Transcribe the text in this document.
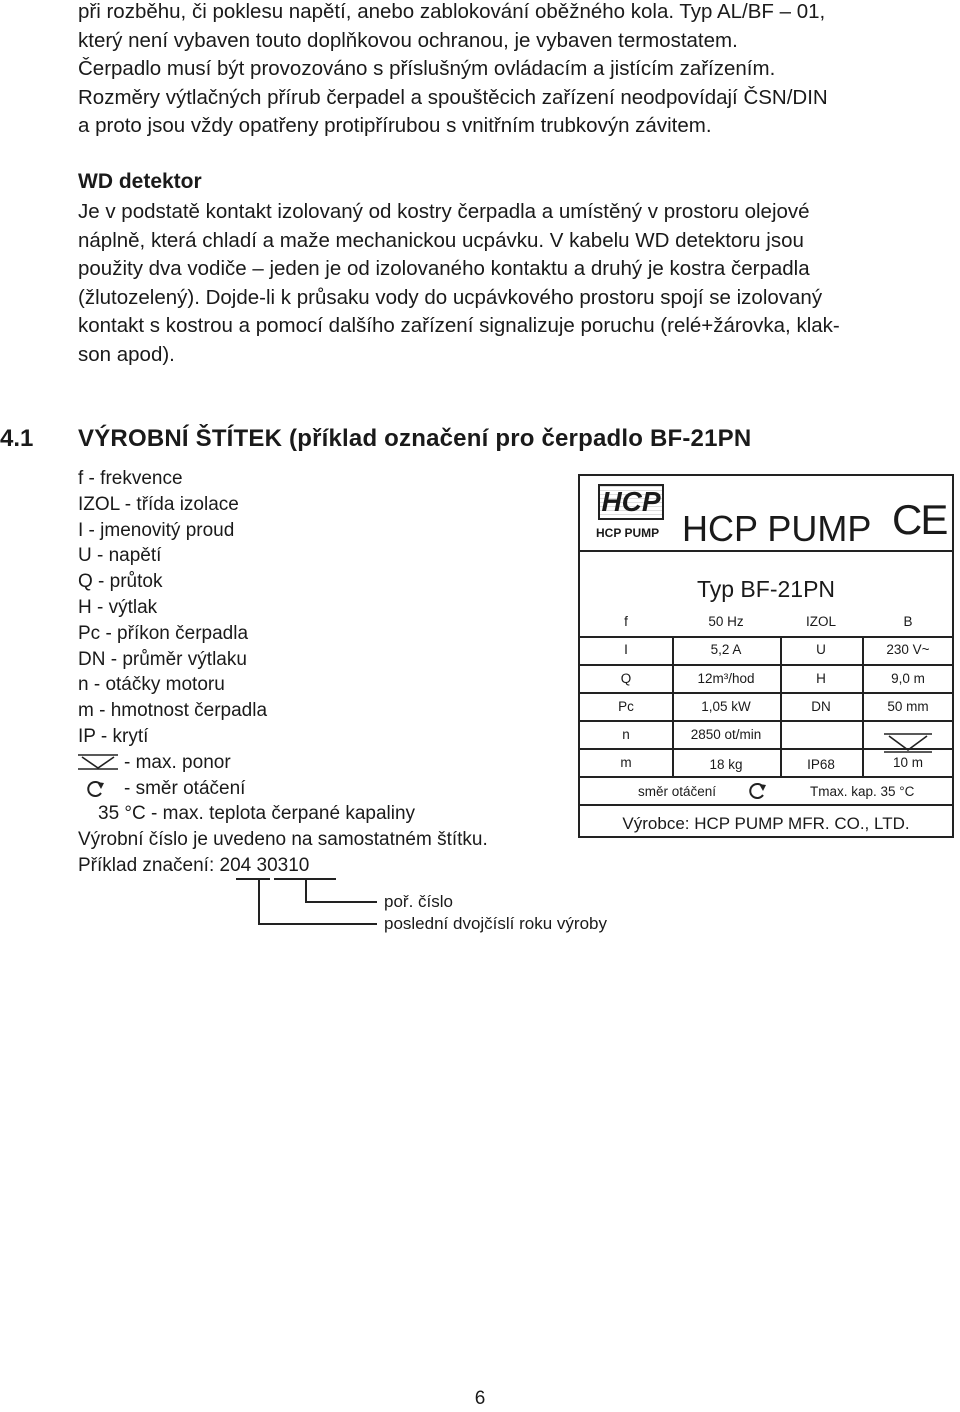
při rozběhu, či poklesu napětí, anebo zablokování oběžného kola. Typ AL/BF – 01,
který není vybaven touto doplňkovou ochranou, je vybaven termostatem.
Čerpadlo musí být provozováno s příslušným ovládacím a jistícím zařízením.
Rozměry výtlačných přírub čerpadel a spouštěcich zařízení neodpovídají ČSN/DIN
a proto jsou vždy opatřeny protipřírubou s vnitřním trubkovýn závitem.

WD detektor

Je v podstatě kontakt izolovaný od kostry čerpadla a umístěný v prostoru olejové
náplně, která chladí a maže mechanickou ucpávku. V kabelu WD detektoru jsou
použity dva vodiče – jeden je od izolovaného kontaktu a druhý je kostra čerpadla
(žlutozelený). Dojde-li k průsaku vody do ucpávkového prostoru spojí se izolovaný
kontakt s kostrou a pomocí dalšího zařízení signalizuje poruchu (relé+žárovka, klak-
son apod).

4.1 VÝROBNÍ ŠTÍTEK (příklad označení pro čerpadlo BF-21PN
f - frekvence
IZOL - třída izolace
I - jmenovitý proud
U - napětí
Q - průtok
H - výtlak
Pc - příkon čerpadla
DN - průměr výtlaku
n - otáčky motoru
m - hmotnost čerpadla
IP - krytí
- max. ponor
- směr otáčení
35 °C - max. teplota čerpané kapaliny
Výrobní číslo je uvedeno na samostatném štítku.
Příklad značení: 204 30310
poř. číslo
poslední dvojčíslí roku výroby
HCP
HCP PUMP HCP PUMP CE
Typ BF-21PN
f	50 Hz	IZOL	B
I	5,2 A	U	230 V~
Q	12m³/hod	H	9,0 m
Pc	1,05 kW	DN	50 mm
n	2850 ot/min
m	18 kg	IP68	10 m
směr otáčení	Tmax. kap. 35 °C
Výrobce: HCP PUMP MFR. CO., LTD.
6
